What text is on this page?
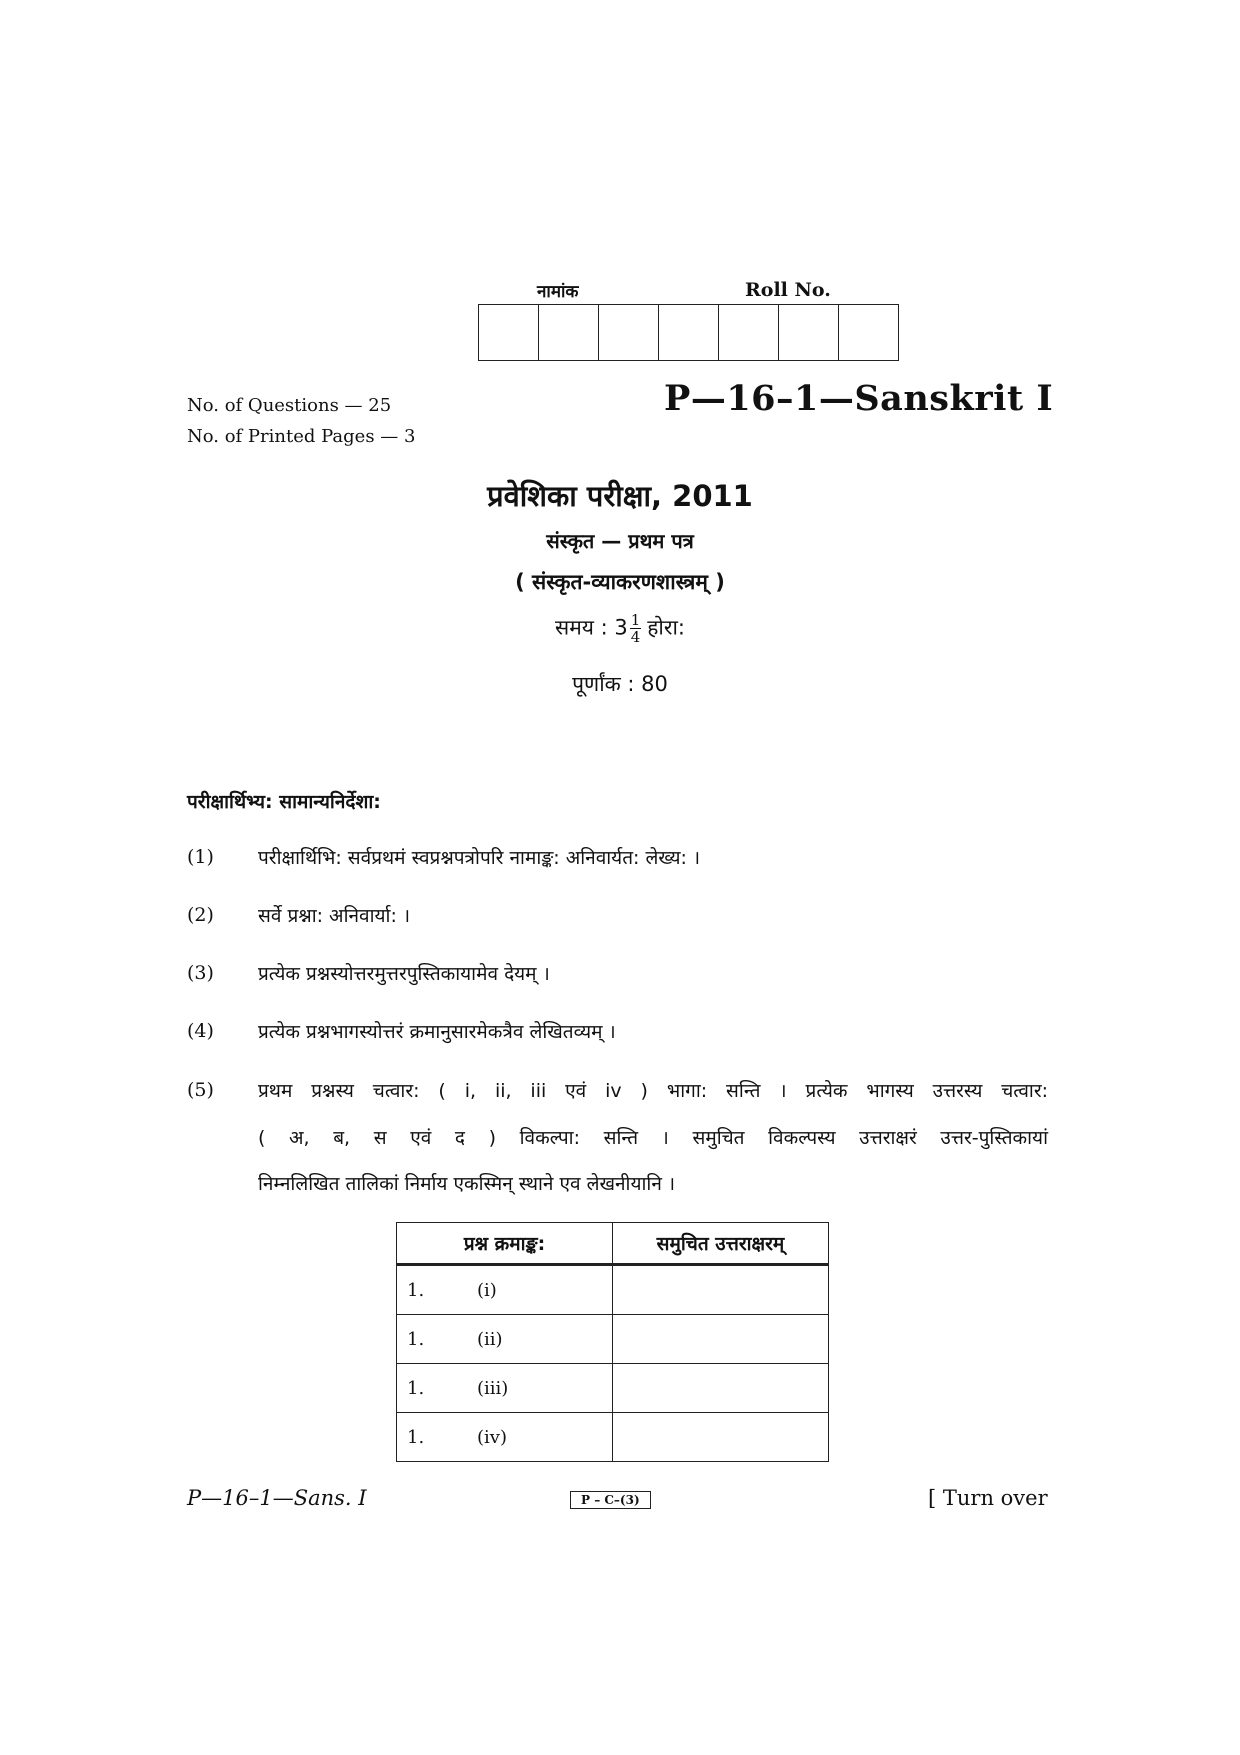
नामांक	Roll No.
No. of Questions — 25
No. of Printed Pages — 3
P—16–1—Sanskrit I
प्रवेशिका परीक्षा, 2011
संस्कृत — प्रथम पत्र
( संस्कृत-व्याकरणशास्त्रम् )
समय : $3 \frac{1}{4}$ होरा:
पूर्णांक : 80
परीक्षार्थिभ्य: सामान्यनिर्देशा:
(1) परीक्षार्थिभि: सर्वप्रथमं स्वप्रश्नपत्रोपरि नामाङ्क: अनिवार्यत: लेख्य: ।
(2) सर्वे प्रश्ना: अनिवार्या: ।
(3) प्रत्येक प्रश्नस्योत्तरमुत्तरपुस्तिकायामेव देयम् ।
(4) प्रत्येक प्रश्नभागस्योत्तरं क्रमानुसारमेकत्रैव लेखितव्यम् ।
(5) प्रथम प्रश्नस्य चत्वार: ( i, ii, iii एवं iv ) भागा: सन्ति । प्रत्येक भागस्य उत्तरस्य चत्वार:
( अ, ब, स एवं द ) विकल्पा: सन्ति । समुचित विकल्पस्य उत्तराक्षरं उत्तर-पुस्तिकायां
निम्नलिखित तालिकां निर्माय एकस्मिन् स्थाने एव लेखनीयानि ।
प्रश्न क्रमाङ्क:	समुचित उत्तराक्षरम्
1. (i)	
1. (ii)	
1. (iii)	
1. (iv)	
P—16–1—Sans. I	P – C–(3)	[ Turn over
